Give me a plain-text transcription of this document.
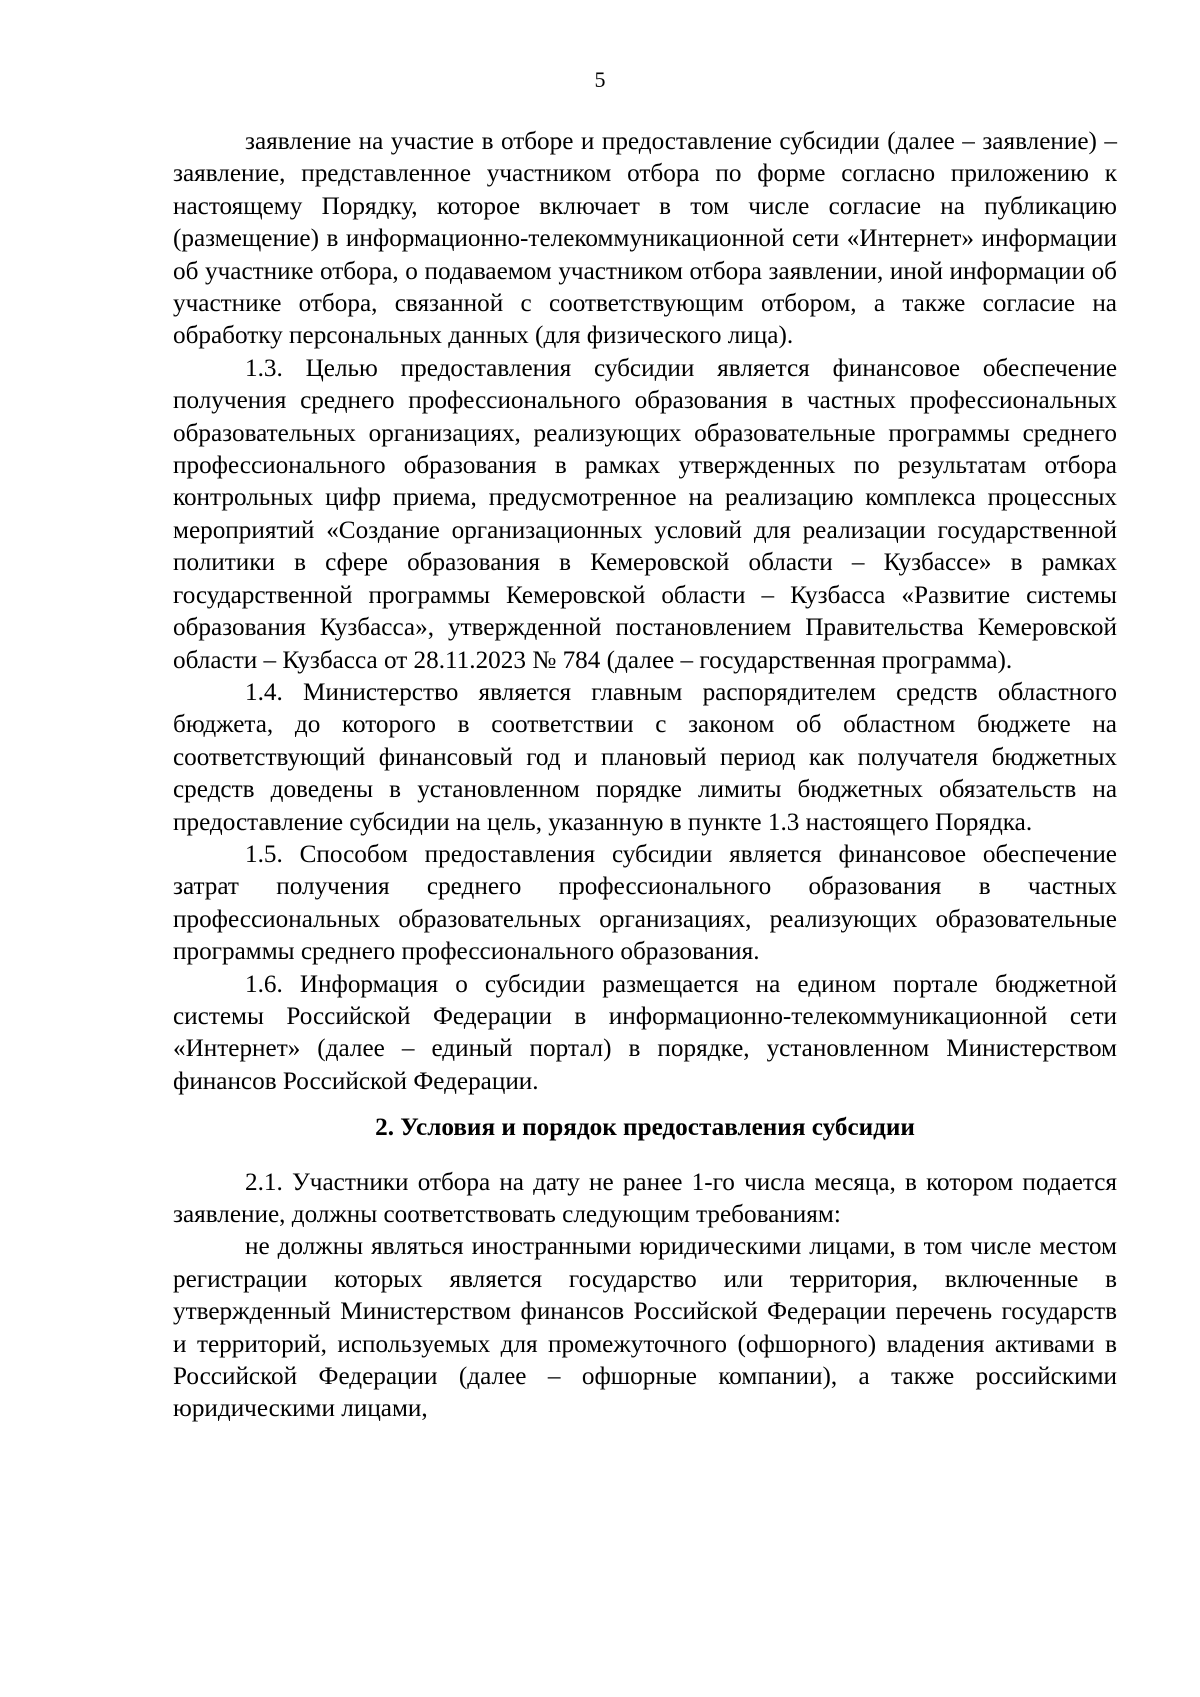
5

заявление на участие в отборе и предоставление субсидии (далее – заявление) – заявление, представленное участником отбора по форме согласно приложению к настоящему Порядку, которое включает в том числе согласие на публикацию (размещение) в информационно-телекоммуникационной сети «Интернет» информации об участнике отбора, о подаваемом участником отбора заявлении, иной информации об участнике отбора, связанной с соответствующим отбором, а также согласие на обработку персональных данных (для физического лица).

1.3. Целью предоставления субсидии является финансовое обеспечение получения среднего профессионального образования в частных профессиональных образовательных организациях, реализующих образовательные программы среднего профессионального образования в рамках утвержденных по результатам отбора контрольных цифр приема, предусмотренное на реализацию комплекса процессных мероприятий «Создание организационных условий для реализации государственной политики в сфере образования в Кемеровской области – Кузбассе» в рамках государственной программы Кемеровской области – Кузбасса «Развитие системы образования Кузбасса», утвержденной постановлением Правительства Кемеровской области – Кузбасса от 28.11.2023 № 784 (далее – государственная программа).

1.4. Министерство является главным распорядителем средств областного бюджета, до которого в соответствии с законом об областном бюджете на соответствующий финансовый год и плановый период как получателя бюджетных средств доведены в установленном порядке лимиты бюджетных обязательств на предоставление субсидии на цель, указанную в пункте 1.3 настоящего Порядка.

1.5. Способом предоставления субсидии является финансовое обеспечение затрат получения среднего профессионального образования в частных профессиональных образовательных организациях, реализующих образовательные программы среднего профессионального образования.

1.6. Информация о субсидии размещается на едином портале бюджетной системы Российской Федерации в информационно-телекоммуникационной сети «Интернет» (далее – единый портал) в порядке, установленном Министерством финансов Российской Федерации.

2. Условия и порядок предоставления субсидии

2.1. Участники отбора на дату не ранее 1-го числа месяца, в котором подается заявление, должны соответствовать следующим требованиям:

не должны являться иностранными юридическими лицами, в том числе местом регистрации которых является государство или территория, включенные в утвержденный Министерством финансов Российской Федерации перечень государств и территорий, используемых для промежуточного (офшорного) владения активами в Российской Федерации (далее – офшорные компании), а также российскими юридическими лицами,
